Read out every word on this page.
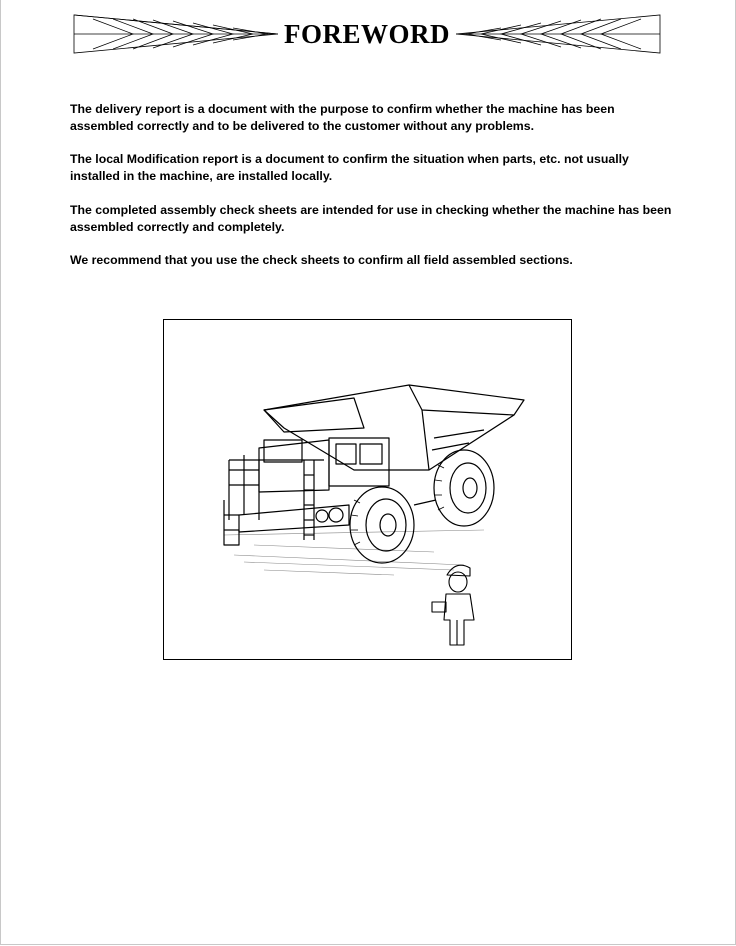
FOREWORD

The delivery report is a document with the purpose to confirm whether the machine has been assembled correctly and to be delivered to the customer without any problems.

The local Modification report is a document to confirm the situation when parts, etc. not usually installed in the machine, are installed locally.

The completed assembly check sheets are intended for use in checking whether the machine has been assembled correctly and completely.

We recommend that you use the check sheets to confirm all field assembled sections.
